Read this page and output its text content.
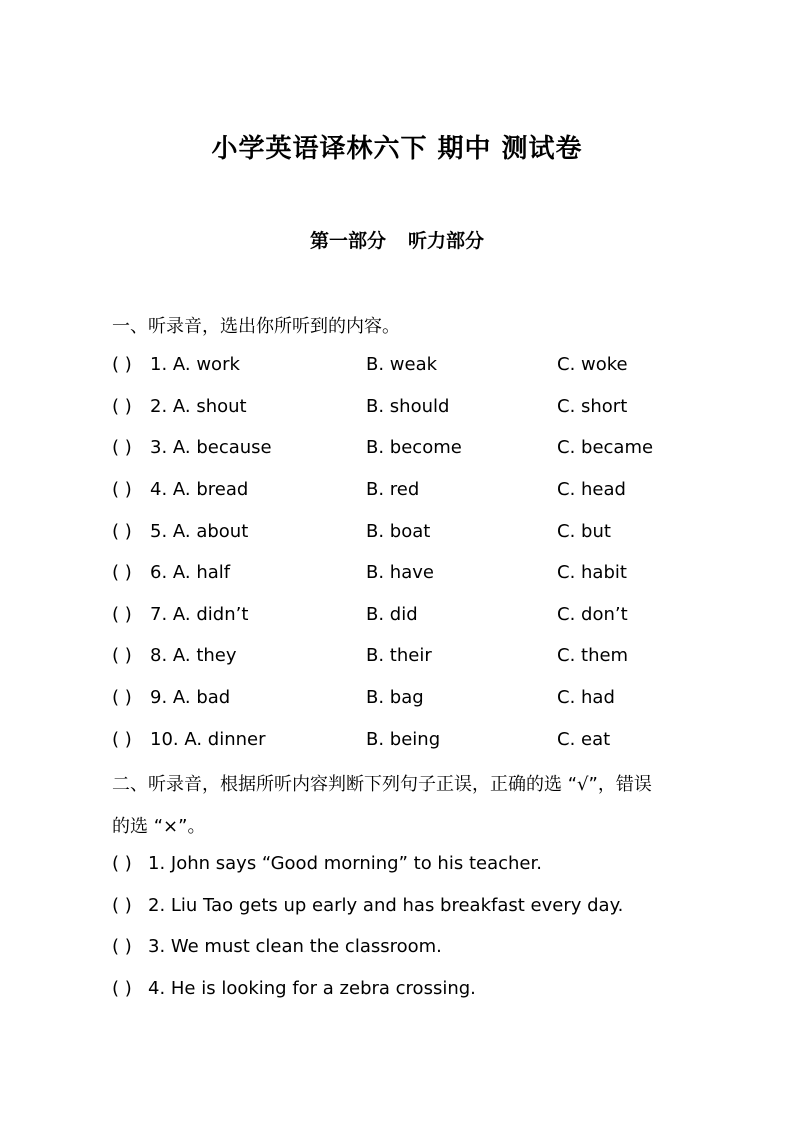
小学英语译林六下 期中 测试卷
第一部分 听力部分
一、听录音，选出你所听到的内容。
( ) 1. A. work	B. weak	C. woke
( ) 2. A. shout	B. should	C. short
( ) 3. A. because	B. become	C. became
( ) 4. A. bread	B. red	C. head
( ) 5. A. about	B. boat	C. but
( ) 6. A. half	B. have	C. habit
( ) 7. A. didn’t	B. did	C. don’t
( ) 8. A. they	B. their	C. them
( ) 9. A. bad	B. bag	C. had
( ) 10. A. dinner	B. being	C. eat
二、听录音，根据所听内容判断下列句子正误，正确的选 “√”，错误
的选 “×”。
( ) 1. John says “Good morning” to his teacher.
( ) 2. Liu Tao gets up early and has breakfast every day.
( ) 3. We must clean the classroom.
( ) 4. He is looking for a zebra crossing.
